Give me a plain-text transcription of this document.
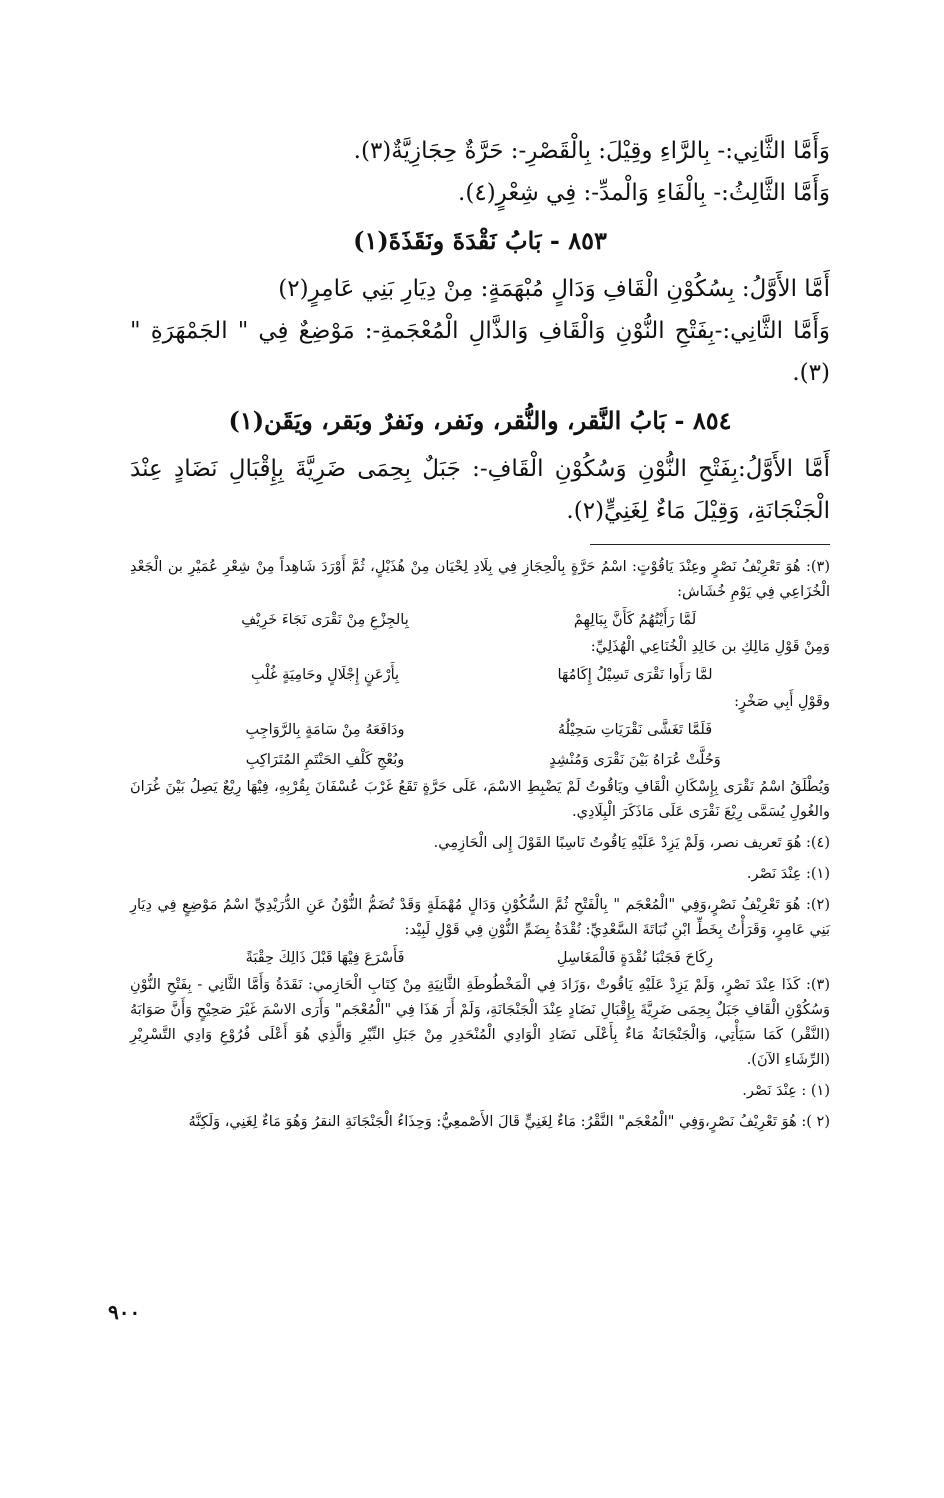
وَأَمَّا الثَّانِي:- بِالرَّاءِ وقِيْلَ: بِالْقَصْرِ-: حَرَّةٌ حِجَازِيَّةٌ(٣).

وَأَمَّا الثَّالِثُ:- بِالْفَاءِ وَالْمدِّ-: فِي شِعْرٍ(٤).

٨٥٣ - بَابُ نَقْدَةَ ونَقَذَةَ(١)

أَمَّا الأَوَّلُ: بِسُكُوْنِ الْقَافِ وَدَالٍ مُبْهَمَةٍ: مِنْ دِيَارِ بَنِي عَامِرٍ(٢)

وَأَمَّا الثَّانِي:-بِفَتْحِ النُّوْنِ وَالْقَافِ وَالذَّالِ الْمُعْجَمةِ-: مَوْضِعٌ فِي " الجَمْهَرَةِ "(٣).

٨٥٤ - بَابُ النَّقر، والنُّقر، ونَفر، ونَفرٌ وبَقر، ويَقَن(١)

أَمَّا الأَوَّلُ:بِفَتْحِ النُّوْنِ وَسُكُوْنِ الْقَافِ-: جَبَلٌ بِحِمَى ضَرِيَّةَ بِإِقْبَالِ نَضَادٍ عِنْدَ الْجَنْجَانَةِ، وَقِيْلَ مَاءٌ لِغَنِيٍّ(٢).

(٣): هُوَ تَعْرِيْفُ نَصْرٍ وعِنْدَ يَاقُوْتٍ: اسْمُ حَرَّةٍ بِالْحِجَازِ فِي بِلَادِ لِحْيَان مِنْ هُذَيْلٍ، ثُمَّ أَوْرَدَ شَاهِداً مِنْ شِعْرِ عُمَيْرِ بن الْجَعْدِ الْخُزَاعِي فِي يَوْمِ خُشَاش:

لَمَّا رَأَيْتُهُمُ كَأَنَّ بِبَالِهِمْ
بِالجِزْعِ مِنْ نَقْرَى نَجَاءَ خَرِيْفِ

وَمِنْ قَوْلِ مَالِكِ بن خَالِدِ الْخُنَاعِي الْهُذَلِيِّ:

لمَّا رَأَوا نَقْرَى تَسِيْلُ إِكَامُهَا
بِأَرْعَنٍ إِجْلَالٍ وحَامِيَةٍ غُلْبِ

وقَوْلِ أَبِي صَخْرٍ:

فَلَمَّا تَغَشَّى نَقْرَيَاتِ سَحِيْلُهُ
ودَافَعَهُ مِنْ سَامَةٍ بِالرَّوَاجِبِ
وَحُلَّتْ عُرَاهُ بَيْنَ نَقْرَى وَمُنْشِدٍ
وبُعْجِ كَلْفِ الحَنْتَمِ المُتَرَاكِبِ

وَيُطْلَقُ اسْمُ نَقْرَى بِإِسْكَانِ الْقَافِ ويَاقُوتُ لَمْ يَضْبِطِ الاسْمَ، عَلَى حَرَّةٍ تَقَعُ غَرْبَ عُسْفَانَ بِقُرْبِهِ، فِيْهَا رِيْعٌ يَصِلُ بَيْنَ غُرَانَ والغُولِ يُسَمَّى رِيْعَ نَقْرَى عَلَى مَاذَكَرَ الْبِلَادِي.

(٤): هُوَ تَعريف نصر، وَلَمْ يَزِدْ عَلَيْهِ يَاقُوتُ نَاسِبًا القَوْلَ إِلى الْحَازِمِي.

(١): عِنْدَ نَصْر.

(٢): هُوَ تَعْرِيْفُ نَصْرٍ،وَفِي "الْمُعْجَم " بِالْفَتْحِ ثُمَّ السُّكُوْنِ وَدَالٍ مُهْمَلَةٍ وَقَدْ تُضَمُّ النُّوْنُ عَنِ الدُّرَيْدِيِّ اسْمُ مَوْضِعٍ فِي دِيَارِ بَنِي عَامِرٍ، وَقَرَأْتُ بِخَطِّ ابْنِ نُبَاتَةَ السَّعْدِيِّ: نُقْدَةُ بِضَمِّ النُّوْنِ فِي قَوْلِ لَبِيْد:

رِكَاحَ فَجَنْبَا نُقْدَةٍ فَالْمَغَاسِلِ
فَأَسْرَعَ فِيْهَا قَبْلَ ذَالِكَ حِقْبَةً

(٣): كَذَا عِنْدَ نَصْرٍ، وَلَمْ يَزِدْ عَلَيْهِ يَاقُوتْ ،وَزَادَ فِي الْمَخْطُوطَةِ الثَّانِيَةِ مِنْ كِتَابِ الْحَازِمي: نَقَدَةُ وَأَمَّا الثَّانِي - بِفَتْحِ النُّوْنِ وَسُكُوْنِ الْقَافِ جَبَلٌ بِحِمَى ضَرِيَّةَ بِإِقْبَالِ نَضَادٍ عِنْدَ الْجَنْجَانَةِ، وَلَمْ أَرَ هَذَا فِي "الْمُعْجَم" وَأَرَى الاسْمَ غَيْرَ صَحِيْحٍ وَأَنَّ صَوَابَهُ (النَّقْر) كَمَا سَيَأْتِي، وَالْجَنْجَانَةُ مَاءٌ بِأَعْلَى نَضَادِ الْوَادِي الْمُنْحَدِرِ مِنْ جَبَلِ النِّيْرِ وَالَّذِي هُوَ أَعْلَى فُرُوْعِ وَادِي التَّسْرِيْرِ (الرِّشَاءِ الآنَ).

(١) : عِنْدَ نَصْر.

(٢ ): هُوَ تَعْرِيْفُ نَصْرٍ،وَفِي "الْمُعْجَم" النَّقْرُ: مَاءٌ لِغَنِيٍّ قَالَ الأَصْمعِيُّ: وَحِذَاءُ الْجَنْجَانَةِ النقرُ وَهُوَ مَاءٌ لِغَنِي، وَلَكِنَّهُ

٩٠٠
